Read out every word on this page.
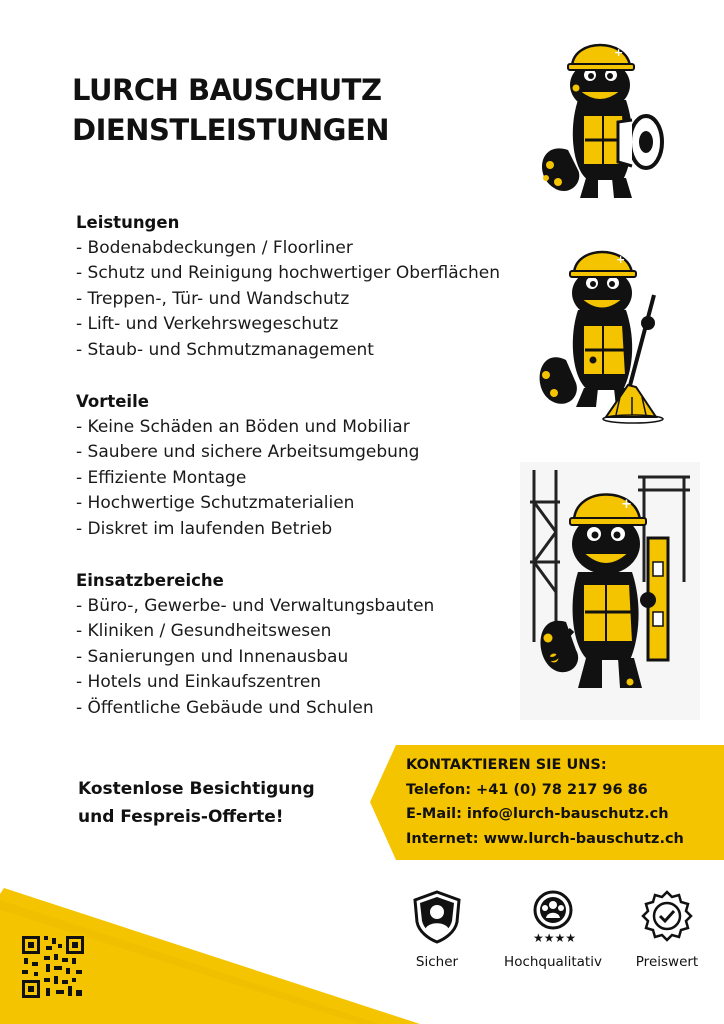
LURCH BAUSCHUTZ
DIENSTLEISTUNGEN
Leistungen
- Bodenabdeckungen / Floorliner
- Schutz und Reinigung hochwertiger Oberflächen
- Treppen-, Tür- und Wandschutz
- Lift- und Verkehrswegeschutz
- Staub- und Schmutzmanagement
Vorteile
- Keine Schäden an Böden und Mobiliar
- Saubere und sichere Arbeitsumgebung
- Effiziente Montage
- Hochwertige Schutzmaterialien
- Diskret im laufenden Betrieb
Einsatzbereiche
- Büro-, Gewerbe- und Verwaltungsbauten
- Kliniken / Gesundheitswesen
- Sanierungen und Innenausbau
- Hotels und Einkaufszentren
- Öffentliche Gebäude und Schulen
+
+
+
Kostenlose Besichtigung
und Fespreis-Offerte!
KONTAKTIEREN SIE UNS:
Telefon: +41 (0) 78 217 96 86
E-Mail: info@lurch-bauschutz.ch
Internet: www.lurch-bauschutz.ch
Sicher
★★★★
Hochqualitativ	Preiswert
